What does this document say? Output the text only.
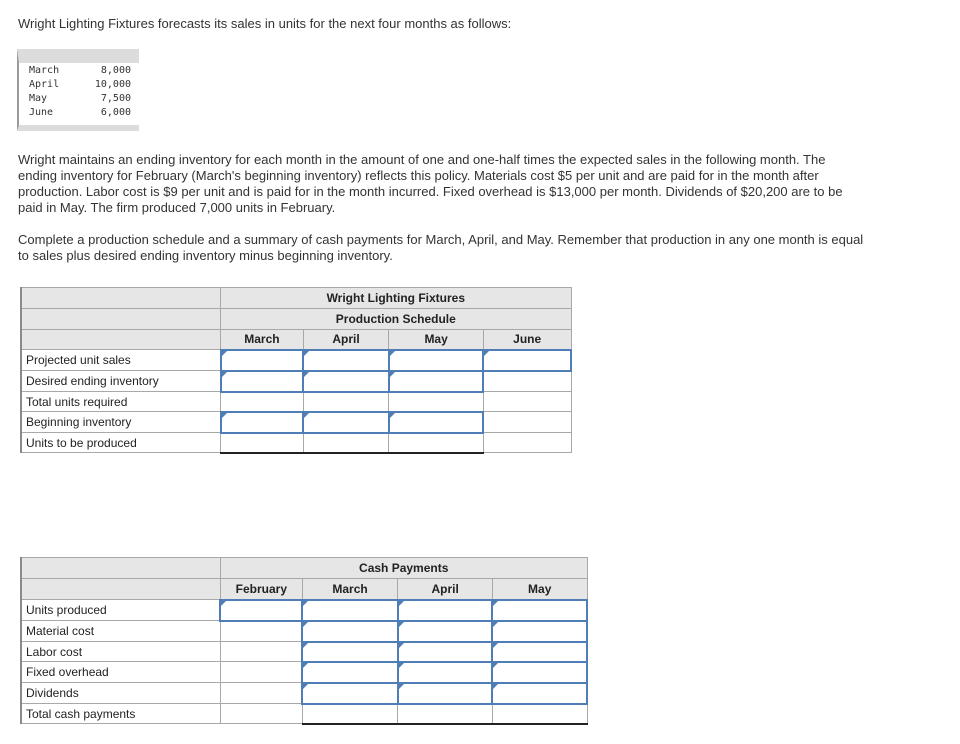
Wright Lighting Fixtures forecasts its sales in units for the next four months as follows:

March	8,000
April	10,000
May	7,500
June	6,000

Wright maintains an ending inventory for each month in the amount of one and one-half times the expected sales in the following month. The ending inventory for February (March's beginning inventory) reflects this policy. Materials cost $5 per unit and are paid for in the month after production. Labor cost is $9 per unit and is paid for in the month incurred. Fixed overhead is $13,000 per month. Dividends of $20,200 are to be paid in May. The firm produced 7,000 units in February.

Complete a production schedule and a summary of cash payments for March, April, and May. Remember that production in any one month is equal to sales plus desired ending inventory minus beginning inventory.

	Wright Lighting Fixtures			
	Production Schedule			
	March	April	May	June
Projected unit sales				
Desired ending inventory				
Total units required				
Beginning inventory				
Units to be produced				
	Cash Payments			
	February	March	April	May
Units produced				
Material cost				
Labor cost				
Fixed overhead				
Dividends				
Total cash payments				
